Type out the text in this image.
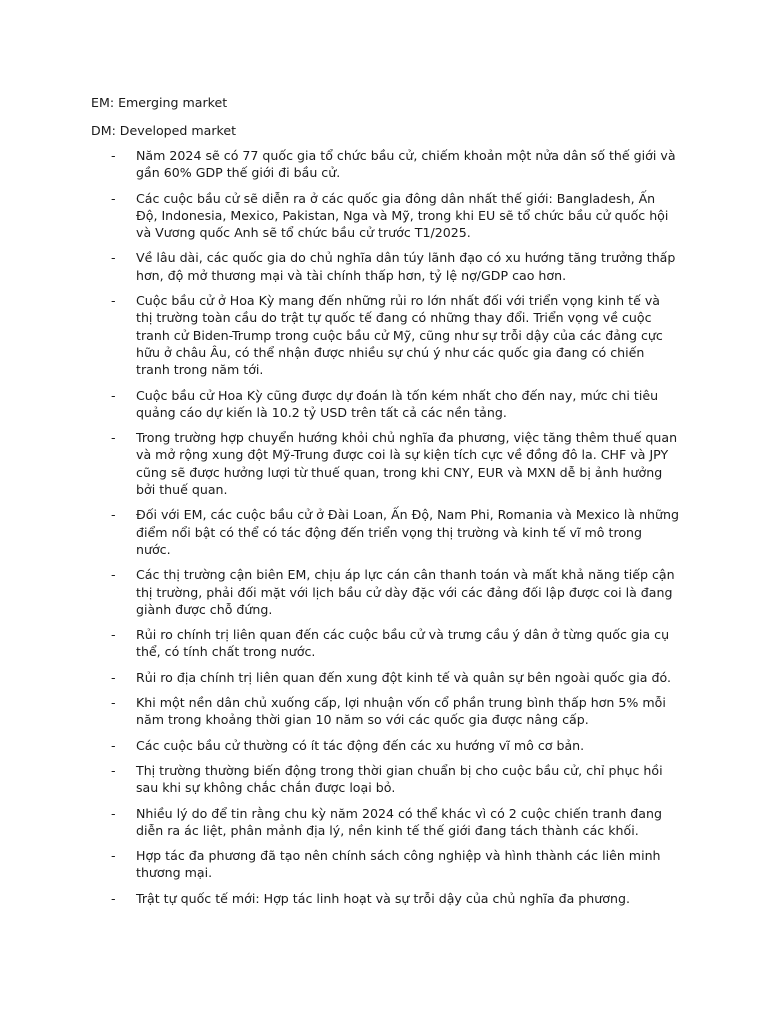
EM: Emerging market
DM: Developed market
- Năm 2024 sẽ có 77 quốc gia tổ chức bầu cử, chiếm khoản một nửa dân số thế giới và
gần 60% GDP thế giới đi bầu cử.
- Các cuộc bầu cử sẽ diễn ra ở các quốc gia đông dân nhất thế giới: Bangladesh, Ấn
Độ, Indonesia, Mexico, Pakistan, Nga và Mỹ, trong khi EU sẽ tổ chức bầu cử quốc hội
và Vương quốc Anh sẽ tổ chức bầu cử trước T1/2025.
- Về lâu dài, các quốc gia do chủ nghĩa dân túy lãnh đạo có xu hướng tăng trưởng thấp
hơn, độ mở thương mại và tài chính thấp hơn, tỷ lệ nợ/GDP cao hơn.
- Cuộc bầu cử ở Hoa Kỳ mang đến những rủi ro lớn nhất đối với triển vọng kinh tế và
thị trường toàn cầu do trật tự quốc tế đang có những thay đổi. Triển vọng về cuộc
tranh cử Biden-Trump trong cuộc bầu cử Mỹ, cũng như sự trỗi dậy của các đảng cực
hữu ở châu Âu, có thể nhận được nhiều sự chú ý như các quốc gia đang có chiến
tranh trong năm tới.
- Cuộc bầu cử Hoa Kỳ cũng được dự đoán là tốn kém nhất cho đến nay, mức chi tiêu
quảng cáo dự kiến là 10.2 tỷ USD trên tất cả các nền tảng.
- Trong trường hợp chuyển hướng khỏi chủ nghĩa đa phương, việc tăng thêm thuế quan
và mở rộng xung đột Mỹ-Trung được coi là sự kiện tích cực về đồng đô la. CHF và JPY
cũng sẽ được hưởng lượi từ thuế quan, trong khi CNY, EUR và MXN dễ bị ảnh hưởng
bởi thuế quan.
- Đối với EM, các cuộc bầu cử ở Đài Loan, Ấn Độ, Nam Phi, Romania và Mexico là những
điểm nổi bật có thể có tác động đến triển vọng thị trường và kinh tế vĩ mô trong
nước.
- Các thị trường cận biên EM, chịu áp lực cán cân thanh toán và mất khả năng tiếp cận
thị trường, phải đối mặt với lịch bầu cử dày đặc với các đảng đối lập được coi là đang
giành được chỗ đứng.
- Rủi ro chính trị liên quan đến các cuộc bầu cử và trưng cầu ý dân ở từng quốc gia cụ
thể, có tính chất trong nước.
- Rủi ro địa chính trị liên quan đến xung đột kinh tế và quân sự bên ngoài quốc gia đó.
- Khi một nền dân chủ xuống cấp, lợi nhuận vốn cổ phần trung bình thấp hơn 5% mỗi
năm trong khoảng thời gian 10 năm so với các quốc gia được nâng cấp.
- Các cuộc bầu cử thường có ít tác động đến các xu hướng vĩ mô cơ bản.
- Thị trường thường biến động trong thời gian chuẩn bị cho cuộc bầu cử, chỉ phục hồi
sau khi sự không chắc chắn được loại bỏ.
- Nhiều lý do để tin rằng chu kỳ năm 2024 có thể khác vì có 2 cuộc chiến tranh đang
diễn ra ác liệt, phân mảnh địa lý, nền kinh tế thế giới đang tách thành các khối.
- Hợp tác đa phương đã tạo nên chính sách công nghiệp và hình thành các liên minh
thương mại.
- Trật tự quốc tế mới: Hợp tác linh hoạt và sự trỗi dậy của chủ nghĩa đa phương.
